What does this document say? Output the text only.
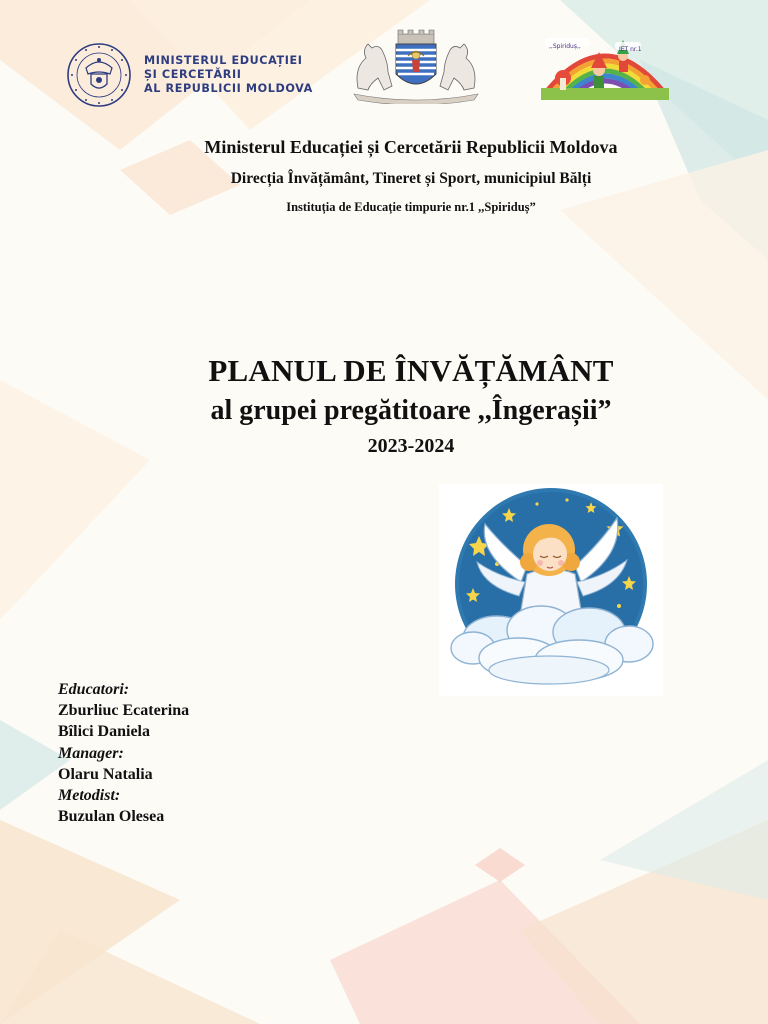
MINISTERUL EDUCAȚIEI
ȘI CERCETĂRII
AL REPUBLICII MOLDOVA
,,Spiriduș,,	IET nr.1
Ministerul Educației și Cercetării Republicii Moldova
Direcția Învățământ, Tineret și Sport, municipiul Bălți
Instituția de Educație timpurie nr.1 ,,Spiriduș”
PLANUL DE ÎNVĂȚĂMÂNT
al grupei pregătitoare ,,Îngerașii”
2023-2024
Educatori:
Zburliuc Ecaterina
Bîlici Daniela
Manager:
Olaru Natalia
Metodist:
Buzulan Olesea
